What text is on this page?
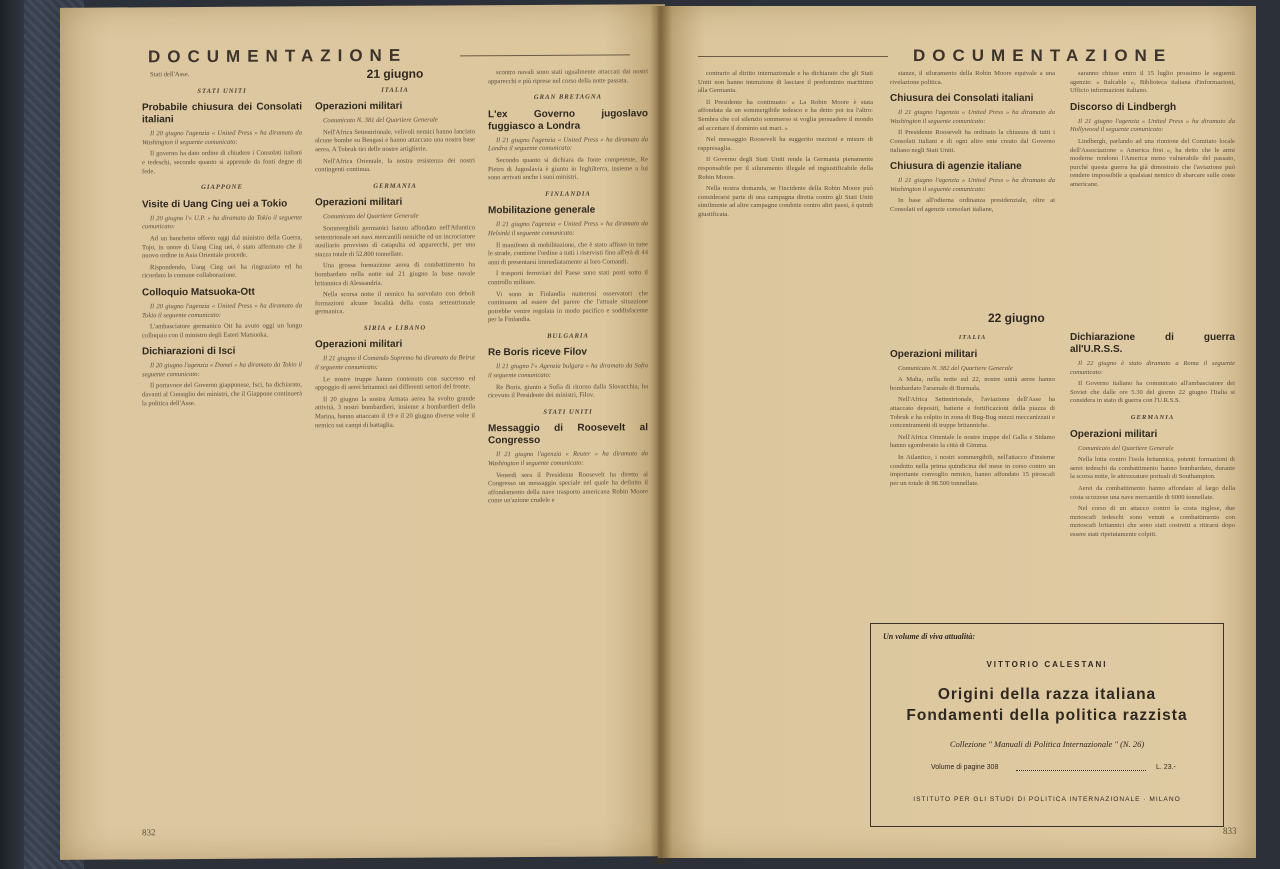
DOCUMENTAZIONE

Stati dell'Asse.

STATI UNITI
Probabile chiusura dei Consolati italiani
Il 20 giugno l'agenzia « United Press » ha diramato da Washington il seguente comunicato:

Il governo ha dato ordine di chiudere i Consolati italiani e tedeschi, secondo quanto si apprende da fonti degne di fede.

GIAPPONE
Visite di Uang Cing uei a Tokio
Il 20 giugno l'« U.P. » ha diramato da Tokio il seguente comunicato:

Ad un banchetto offerto oggi dal ministro della Guerra, Tojo, in onore di Uang Cing uei, è stato affermato che il nuovo ordine in Asia Orientale procede.

Rispondendo, Uang Cing uei ha ringraziato ed ha ricordato la comune collaborazione.

Colloquio Matsuoka-Ott
Il 20 giugno l'agenzia « United Press » ha diramato da Tokio il seguente comunicato:

L'ambasciatore germanico Ott ha avuto oggi un lungo colloquio con il ministro degli Esteri Matsuoka.

Dichiarazioni di Isci
Il 20 giugno l'agenzia « Domei » ha diramato da Tokio il seguente comunicato:

Il portavoce del Governo giapponese, Isci, ha dichiarato, davanti al Consiglio dei ministri, che il Giappone continuerà la politica dell'Asse.

21 giugno
ITALIA
Operazioni militari
Comunicato N. 381 del Quartiere Generale

Nell'Africa Settentrionale, velivoli nemici hanno lanciato alcune bombe su Bengasi e hanno attaccato una nostra base aerea. A Tobruk tiri delle nostre artiglierie.

Nell'Africa Orientale, la nostra resistenza dei nostri contingenti continua.

GERMANIA
Operazioni militari
Comunicato del Quartiere Generale

Sommergibili germanici hanno affondato nell'Atlantico settentrionale sei navi mercantili nemiche ed un incrociatore ausiliario provvisto di catapulta ed apparecchi, per una stazza totale di 52.800 tonnellate.

Una grossa formazione aerea di combattimento ha bombardato nella notte sul 21 giugno la base navale britannica di Alessandria.

Nella scorsa notte il nemico ha sorvolato con deboli formazioni alcune località della costa settentrionale germanica.

SIRIA e LIBANO
Operazioni militari
Il 21 giugno il Comando Supremo ha diramato da Beirut il seguente comunicato:

Le nostre truppe hanno contenuto con successo ed appoggio di aerei britannici nei differenti settori del fronte.

Il 20 giugno la nostra Armata aerea ha svolto grande attività, 3 nostri bombardieri, insieme a bombardieri della Marina, hanno attaccato il 19 e il 20 giugno diverse volte il nemico sui campi di battaglia.

scontro navali sono stati ugualmente attaccati dai nostri apparecchi e più riprese nel corso della notte passata.

GRAN BRETAGNA
L'ex Governo jugoslavo fuggiasco a Londra
Il 21 giugno l'agenzia « United Press » ha diramato da Londra il seguente comunicato:

Secondo quanto si dichiara da fonte competente, Re Pietro di Jugoslavia è giunto in Inghilterra, insieme a lui sono arrivati anche i suoi ministri.

FINLANDIA
Mobilitazione generale
Il 21 giugno l'agenzia « United Press » ha diramato da Helsinki il seguente comunicato:

Il manifesto di mobilitazione, che è stato affisso in tutte le strade, contiene l'ordine a tutti i riservisti fino all'età di 44 anni di presentarsi immediatamente ai loro Comandi.

I trasporti ferroviari del Paese sono stati posti sotto il controllo militare.

Vi sono in Finlandia numerosi osservatori che continuano ad essere del parere che l'attuale situazione potrebbe venire regolata in modo pacifico e soddisfacente per la Finlandia.

BULGARIA
Re Boris riceve Filov
Il 21 giugno l'« Agenzia bulgara » ha diramato da Sofia il seguente comunicato:

Re Boris, giunto a Sofia di ritorno dalla Slovacchia, ha ricevuto il Presidente dei ministri, Filov.

STATI UNITI
Messaggio di Roosevelt al Congresso
Il 21 giugno l'agenzia « Reuter » ha diramato da Washington il seguente comunicato:

Venerdì sera il Presidente Roosevelt ha diretto al Congresso un messaggio speciale nel quale ha definito il affondamento della nave trasporto americana Robin Moore come un'azione crudele e

832
DOCUMENTAZIONE

contrario al diritto internazionale e ha dichiarato che gli Stati Uniti non hanno intenzione di lasciare il predominio marittimo alla Germania.

Il Presidente ha continuato: « La Robin Moore è stata affondata da un sommergibile tedesco e ha detto poi tra l'altro: Sembra che col silenzio sommerso si voglia persuadere il mondo ad accettare il dominio sui mari. »

Nel messaggio Roosevelt ha suggerito reazioni e misure di rappresaglia.

Il Governo degli Stati Uniti rende la Germania pienamente responsabile per il siluramento illegale ed ingiustificabile della Robin Moore.

Nella nostra domanda, se l'incidente della Robin Moore può considerarsi parte di una campagna diretta contro gli Stati Uniti similmente ad altre campagne condotte contro altri paesi, è quindi giustificata.

stanze, il siluramento della Robin Moore equivale a una rivelazione politica.

Chiusura dei Consolati italiani
Il 21 giugno l'agenzia « United Press » ha diramato da Washington il seguente comunicato:

Il Presidente Roosevelt ha ordinato la chiusura di tutti i Consolati italiani e di ogni altro ente creato dal Governo italiano negli Stati Uniti.

Chiusura di agenzie italiane
Il 21 giugno l'agenzia « United Press » ha diramato da Washington il seguente comunicato:

In base all'odierna ordinanza presidenziale, oltre ai Consolati ed agenzie consolari italiane,

saranno chiuse entro il 15 luglio prossimo le seguenti agenzie: « Italcable », Biblioteca italiana d'informazioni, Ufficio informazioni italiano.

Discorso di Lindbergh
Il 21 giugno l'agenzia « United Press » ha diramato da Hollywood il seguente comunicato:

Lindbergh, parlando ad una riunione del Comitato locale dell'Associazione « America first », ha detto che le armi moderne rendono l'America meno vulnerabile del passato, purché questa guerra ha già dimostrato che l'aviazione può rendere impossibile a qualsiasi nemico di sbarcare sulle coste americane.

22 giugno
ITALIA
Operazioni militari
Comunicato N. 382 del Quartiere Generale

A Malta, nella notte sul 22, nostre unità aeree hanno bombardato l'arsenale di Burmala.

Nell'Africa Settentrionale, l'aviazione dell'Asse ha attaccato depositi, batterie e fortificazioni della piazza di Tobruk e ha colpito in zona di Bug-Bug mezzi meccanizzati e concentramenti di truppe britanniche.

Nell'Africa Orientale le nostre truppe del Galla e Sidamo hanno sgomberato la città di Gimma.

In Atlantico, i nostri sommergibili, nell'attacco d'insieme condotto nella prima quindicina del mese in corso contro un importante convoglio nemico, hanno affondato 15 piroscafi per un totale di 98.500 tonnellate.

Dichiarazione di guerra all'U.R.S.S.
Il 22 giugno è stato diramato a Roma il seguente comunicato:

Il Governo italiano ha comunicato all'ambasciatore dei Soviet che dalle ore 5.30 del giorno 22 giugno l'Italia si considera in stato di guerra con l'U.R.S.S.

GERMANIA
Operazioni militari
Comunicato del Quartiere Generale

Nella lotta contro l'isola britannica, potenti formazioni di aerei tedeschi da combattimento hanno bombardato, durante la scorsa notte, le attrezzature portuali di Southampton.

Aerei da combattimento hanno affondato al largo della costa scozzese una nave mercantile di 6000 tonnellate.

Nel corso di un attacco contro la costa inglese, due motoscafi tedeschi sono venuti a combattimento con motoscafi britannici che sono stati costretti a ritirarsi dopo essere stati ripetutamente colpiti.

Un volume di viva attualità:
VITTORIO CALESTANI
Origini della razza italiana
Fondamenti della politica razzista
Collezione " Manuali di Politica Internazionale " (N. 26)
Volume di pagine 308	L. 23.-
ISTITUTO PER GLI STUDI DI POLITICA INTERNAZIONALE · MILANO
833
